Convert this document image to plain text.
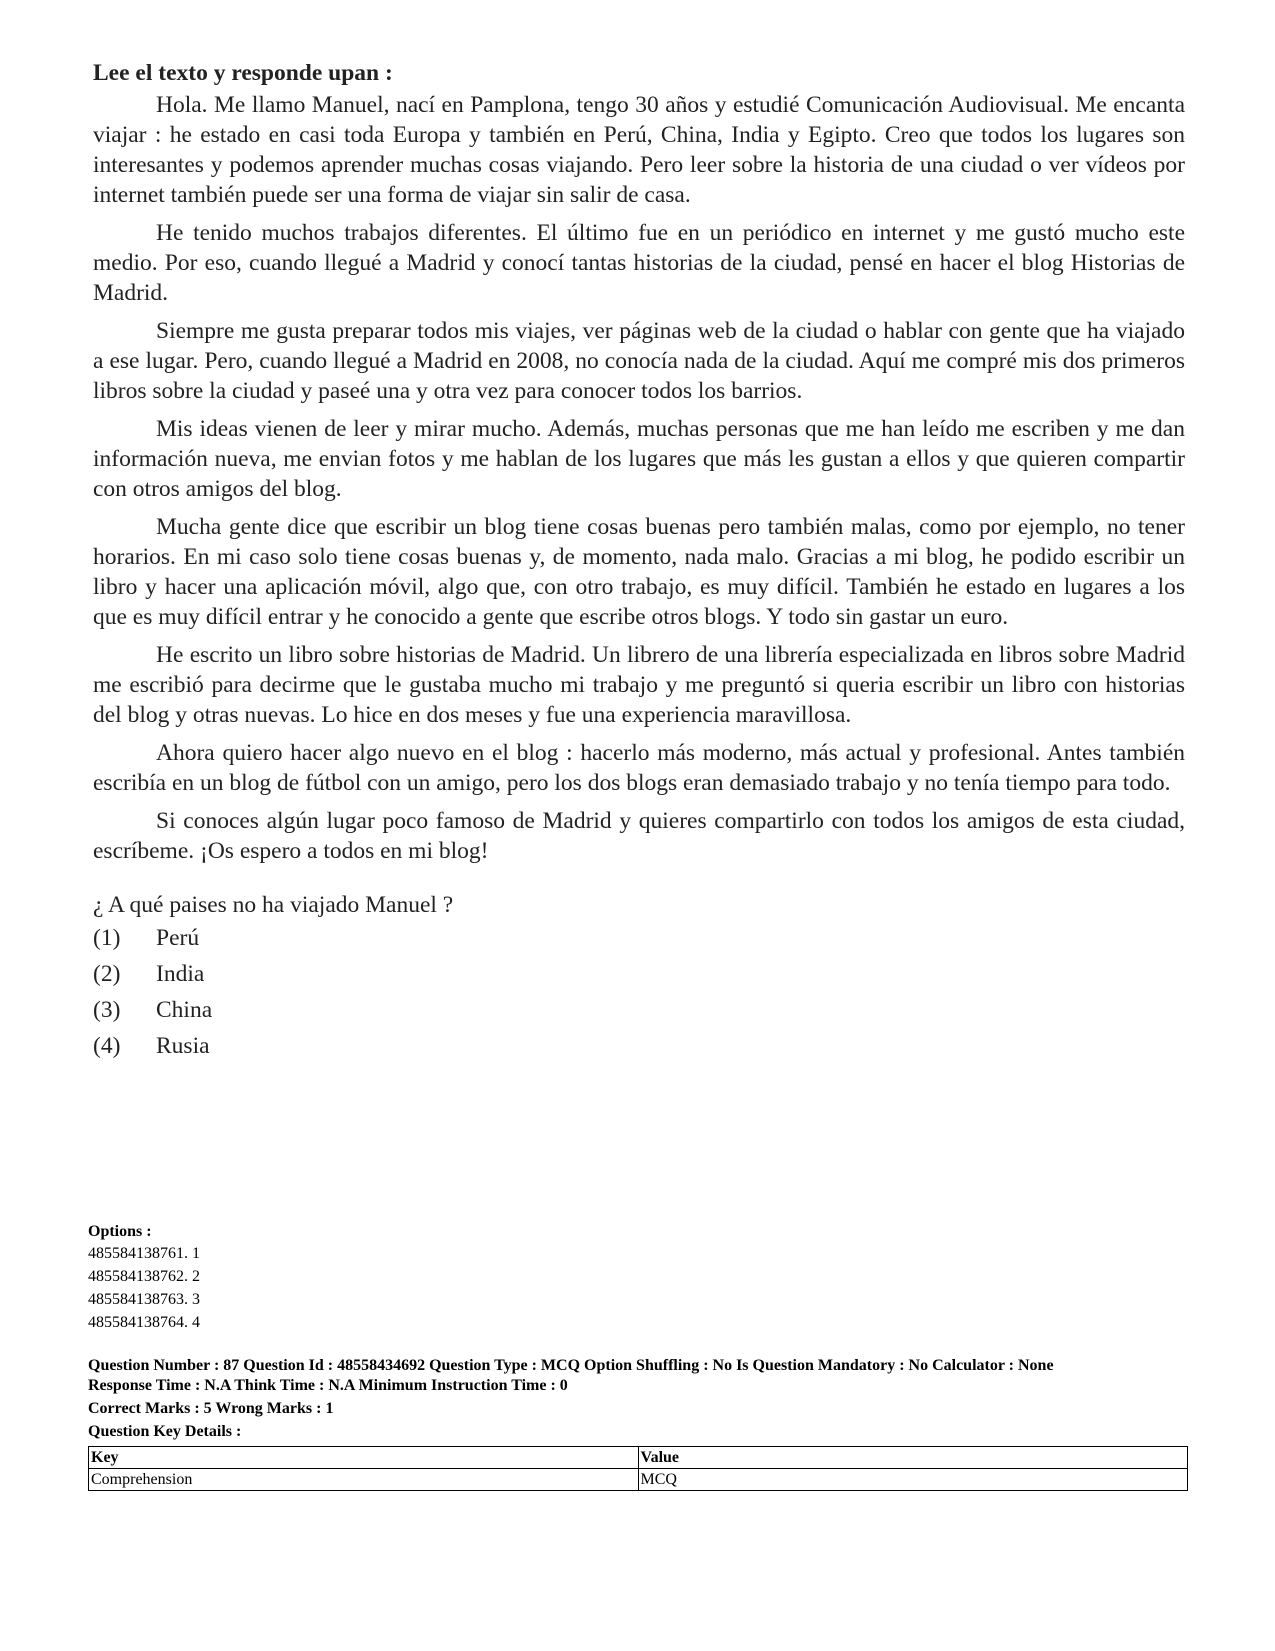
Lee el texto y responde upan :

Hola. Me llamo Manuel, nací en Pamplona, tengo 30 años y estudié Comunicación Audiovisual. Me encanta viajar : he estado en casi toda Europa y también en Perú, China, India y Egipto. Creo que todos los lugares son interesantes y podemos aprender muchas cosas viajando. Pero leer sobre la historia de una ciudad o ver vídeos por internet también puede ser una forma de viajar sin salir de casa.

He tenido muchos trabajos diferentes. El último fue en un periódico en internet y me gustó mucho este medio. Por eso, cuando llegué a Madrid y conocí tantas historias de la ciudad, pensé en hacer el blog Historias de Madrid.

Siempre me gusta preparar todos mis viajes, ver páginas web de la ciudad o hablar con gente que ha viajado a ese lugar. Pero, cuando llegué a Madrid en 2008, no conocía nada de la ciudad. Aquí me compré mis dos primeros libros sobre la ciudad y paseé una y otra vez para conocer todos los barrios.

Mis ideas vienen de leer y mirar mucho. Además, muchas personas que me han leído me escriben y me dan información nueva, me envian fotos y me hablan de los lugares que más les gustan a ellos y que quieren compartir con otros amigos del blog.

Mucha gente dice que escribir un blog tiene cosas buenas pero también malas, como por ejemplo, no tener horarios. En mi caso solo tiene cosas buenas y, de momento, nada malo. Gracias a mi blog, he podido escribir un libro y hacer una aplicación móvil, algo que, con otro trabajo, es muy difícil. También he estado en lugares a los que es muy difícil entrar y he conocido a gente que escribe otros blogs. Y todo sin gastar un euro.

He escrito un libro sobre historias de Madrid. Un librero de una librería especializada en libros sobre Madrid me escribió para decirme que le gustaba mucho mi trabajo y me preguntó si queria escribir un libro con historias del blog y otras nuevas. Lo hice en dos meses y fue una experiencia maravillosa.

Ahora quiero hacer algo nuevo en el blog : hacerlo más moderno, más actual y profesional. Antes también escribía en un blog de fútbol con un amigo, pero los dos blogs eran demasiado trabajo y no tenía tiempo para todo.

Si conoces algún lugar poco famoso de Madrid y quieres compartirlo con todos los amigos de esta ciudad, escríbeme. ¡Os espero a todos en mi blog!

¿ A qué paises no ha viajado Manuel ?
(1)	Perú
(2)	India
(3)	China
(4)	Rusia
Options :
485584138761. 1
485584138762. 2
485584138763. 3
485584138764. 4
Question Number : 87 Question Id : 48558434692 Question Type : MCQ Option Shuffling : No Is Question Mandatory : No Calculator : None
Response Time : N.A Think Time : N.A Minimum Instruction Time : 0
Correct Marks : 5 Wrong Marks : 1
Question Key Details :
Key	Value
Comprehension	MCQ
